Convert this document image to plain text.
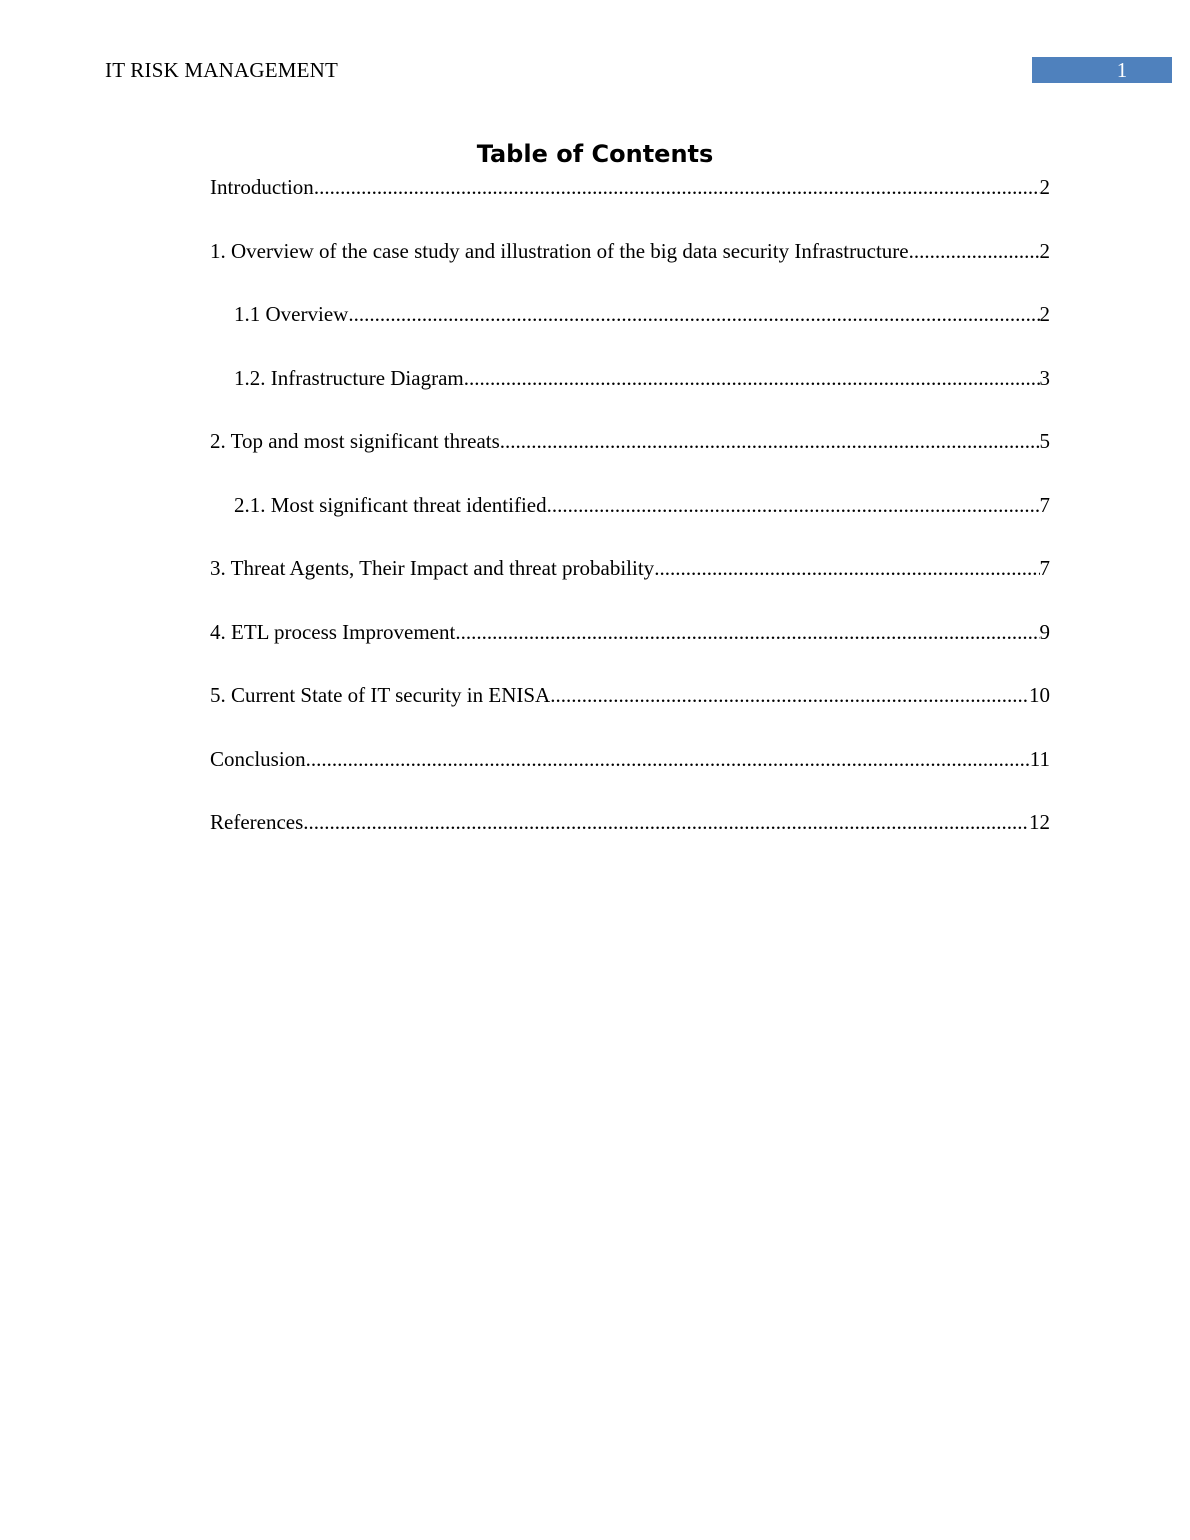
IT RISK MANAGEMENT	1
Table of Contents
Introduction .....	2
1. Overview of the case study and illustration of the big data security Infrastructure .....	2
1.1 Overview .....	2
1.2. Infrastructure Diagram .....	3
2. Top and most significant threats .....	5
2.1. Most significant threat identified .....	7
3. Threat Agents, Their Impact and threat probability .....	7
4. ETL process Improvement .....	9
5. Current State of IT security in ENISA .....	10
Conclusion .....	11
References .....	12
